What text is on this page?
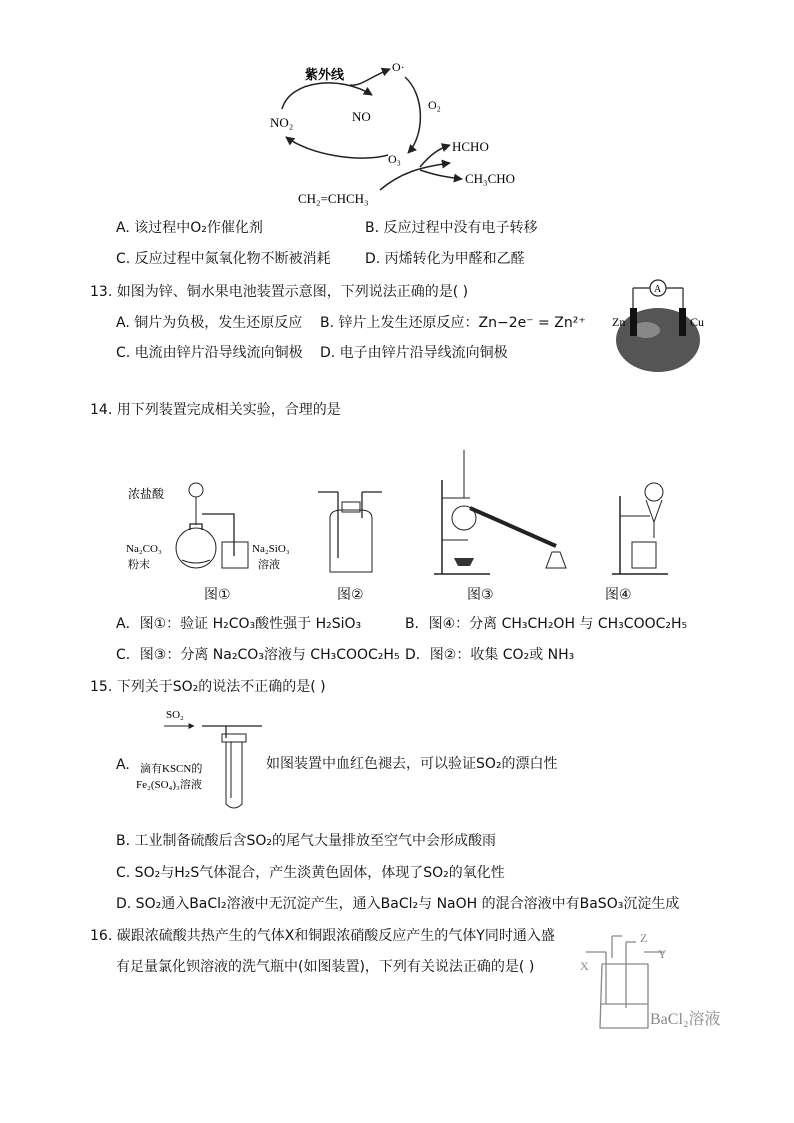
紫外线
NO₂	NO
O·
O₂
O₃
CH₂=CHCH₃
HCHO
CH₃CHO
A. 该过程中O₂作催化剂	B. 反应过程中没有电子转移
C. 反应过程中氮氧化物不断被消耗 D. 丙烯转化为甲醛和乙醛
13. 如图为锌、铜水果电池装置示意图，下列说法正确的是( )
A. 铜片为负极，发生还原反应 B. 锌片上发生还原反应：Zn−2e⁻ = Zn²⁺
C. 电流由锌片沿导线流向铜极 D. 电子由锌片沿导线流向铜极
A
Zn	Cu
14. 用下列装置完成相关实验，合理的是
浓盐酸
Na₂CO₃
粉末
Na₂SiO₃
溶液
图①	图②	图③	图④
A．图①：验证 H₂CO₃酸性强于 H₂SiO₃	B．图④：分离 CH₃CH₂OH 与 CH₃COOC₂H₅
C．图③：分离 Na₂CO₃溶液与 CH₃COOC₂H₅ D．图②：收集 CO₂或 NH₃
15. 下列关于SO₂的说法不正确的是( )
A.
SO₂
滴有KSCN的
Fe₂(SO₄)₃溶液
如图装置中血红色褪去，可以验证SO₂的漂白性
B. 工业制备硫酸后含SO₂的尾气大量排放至空气中会形成酸雨
C. SO₂与H₂S气体混合，产生淡黄色固体，体现了SO₂的氧化性
D. SO₂通入BaCl₂溶液中无沉淀产生，通入BaCl₂与 NaOH 的混合溶液中有BaSO₃沉淀生成
16. 碳跟浓硫酸共热产生的气体X和铜跟浓硝酸反应产生的气体Y同时通入盛
有足量氯化钡溶液的洗气瓶中(如图装置)，下列有关说法正确的是( )	X
Z
Y
BaCl₂溶液
